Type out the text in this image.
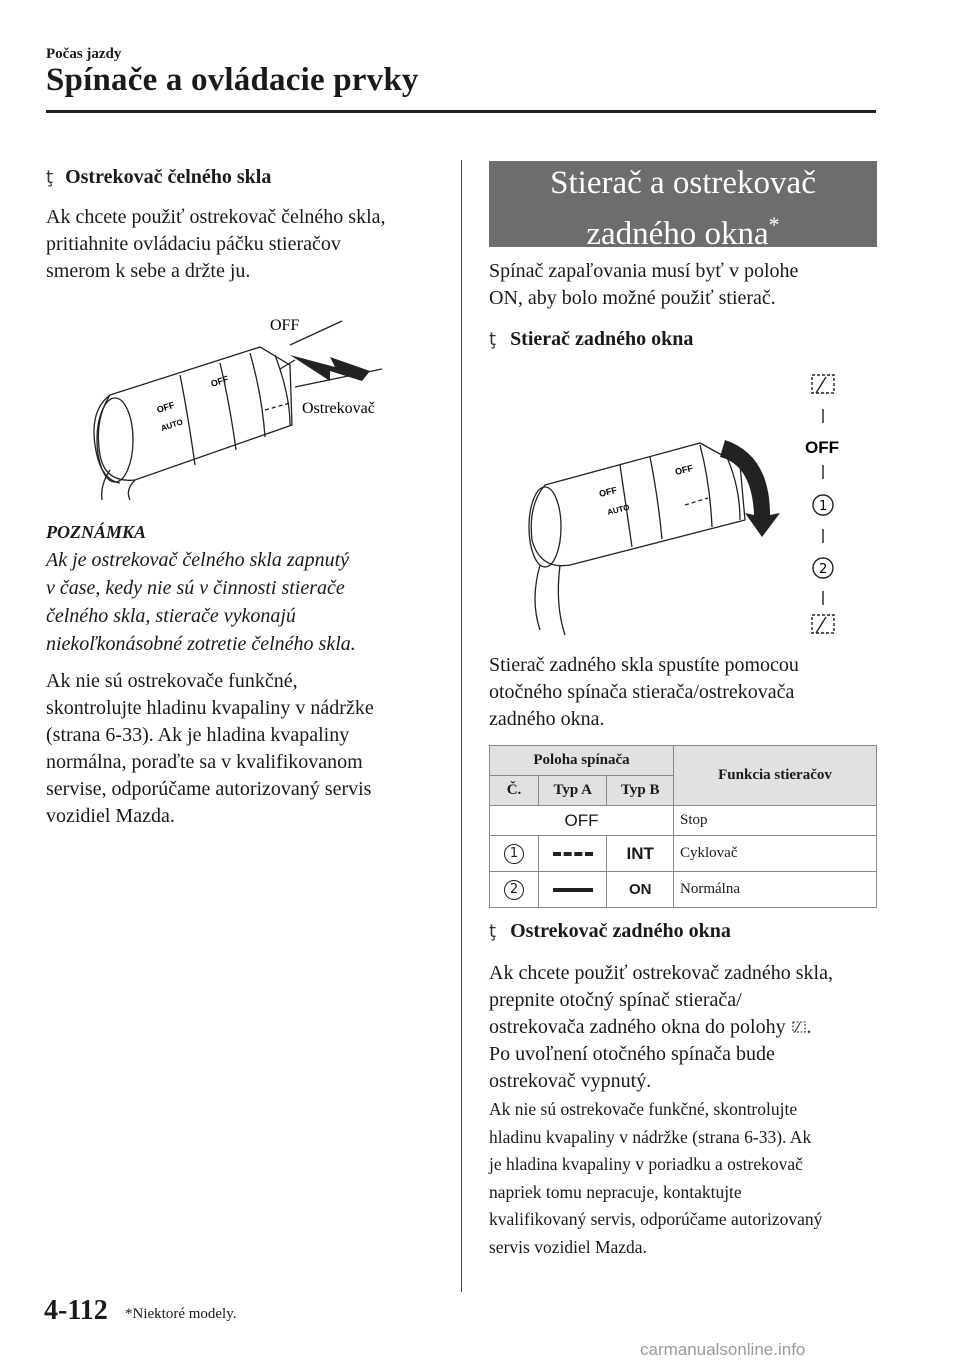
Počas jazdy
Spínače a ovládacie prvky
ţ Ostrekovač čelného skla

Ak chcete použiť ostrekovač čelného skla,

pritiahnite ovládaciu páčku stieračov

smerom k sebe a držte ju.

OFF
Ostrekovač
OFF
OFF
AUTO
POZNÁMKA
Ak je ostrekovač čelného skla zapnutý
v čase, kedy nie sú v činnosti stierače
čelného skla, stierače vykonajú
niekoľkonásobné zotretie čelného skla.

Ak nie sú ostrekovače funkčné,

skontrolujte hladinu kvapaliny v nádržke

(strana 6-33). Ak je hladina kvapaliny

normálna, poraďte sa v kvalifikovanom

servise, odporúčame autorizovaný servis

vozidiel Mazda.

Stierač a ostrekovač
zadného okna*

Spínač zapaľovania musí byť v polohe

ON, aby bolo možné použiť stierač.

ţ Stierač zadného okna
OFF
OFF
AUTO
OFF
1
2

Stierač zadného skla spustíte pomocou

otočného spínača stierača/ostrekovača

zadného okna.

Poloha spínača			Funkcia stieračov
Č.	Typ A	Typ B	
OFF			Stop
1		INT	Cyklovač
2		ON	Normálna
ţ Ostrekovač zadného okna

Ak chcete použiť ostrekovač zadného skla,

prepnite otočný spínač stierača/

ostrekovača zadného okna do polohy .

Po uvoľnení otočného spínača bude

ostrekovač vypnutý.

Ak nie sú ostrekovače funkčné, skontrolujte
hladinu kvapaliny v nádržke (strana 6-33). Ak
je hladina kvapaliny v poriadku a ostrekovač
napriek tomu nepracuje, kontaktujte
kvalifikovaný servis, odporúčame autorizovaný
servis vozidiel Mazda.
4-112 *Niektoré modely.
carmanualsonline.info
